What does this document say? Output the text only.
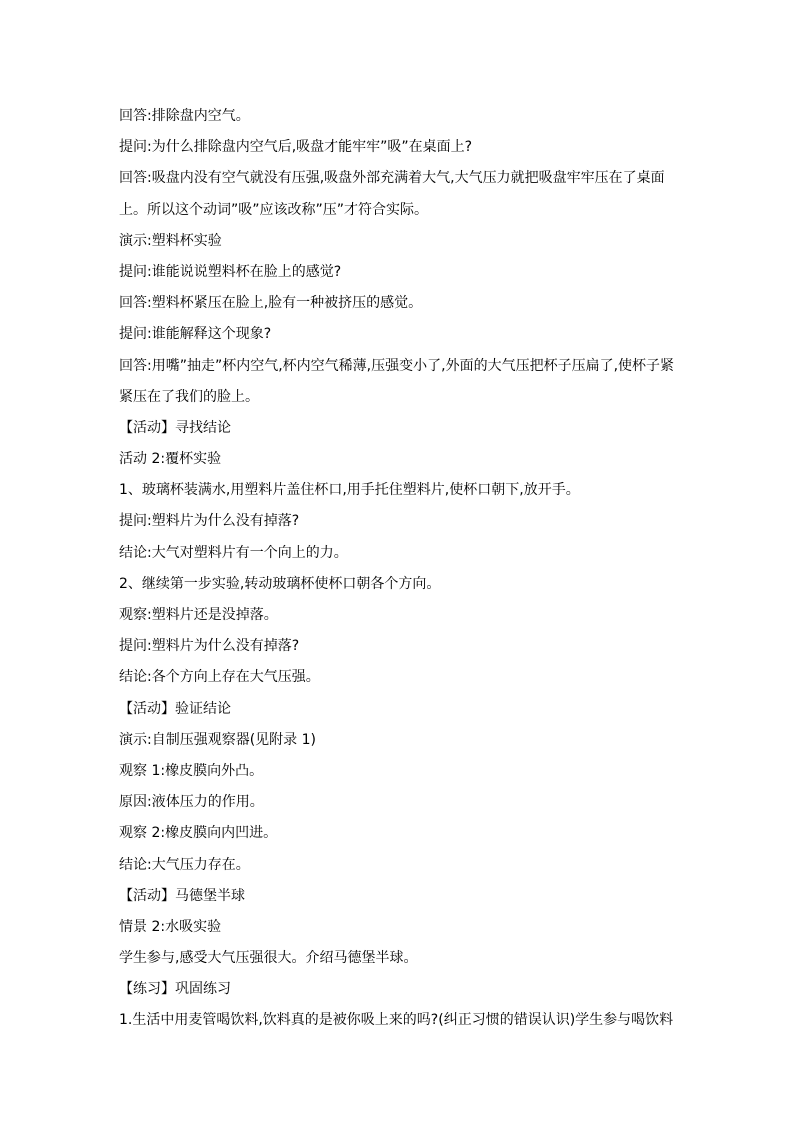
回答:排除盘内空气。
提问:为什么排除盘内空气后,吸盘才能牢牢”吸”在桌面上?
回答:吸盘内没有空气就没有压强,吸盘外部充满着大气,大气压力就把吸盘牢牢压在了桌面
上。所以这个动词”吸”应该改称”压”才符合实际。
演示:塑料杯实验
提问:谁能说说塑料杯在脸上的感觉?
回答:塑料杯紧压在脸上,脸有一种被挤压的感觉。
提问:谁能解释这个现象?
回答:用嘴”抽走”杯内空气,杯内空气稀薄,压强变小了,外面的大气压把杯子压扁了,使杯子紧
紧压在了我们的脸上。
【活动】寻找结论
活动 2:覆杯实验
1、玻璃杯装满水,用塑料片盖住杯口,用手托住塑料片,使杯口朝下,放开手。
提问:塑料片为什么没有掉落?
结论:大气对塑料片有一个向上的力。
2、继续第一步实验,转动玻璃杯使杯口朝各个方向。
观察:塑料片还是没掉落。
提问:塑料片为什么没有掉落?
结论:各个方向上存在大气压强。
【活动】验证结论
演示:自制压强观察器(见附录 1)
观察 1:橡皮膜向外凸。
原因:液体压力的作用。
观察 2:橡皮膜向内凹进。
结论:大气压力存在。
【活动】马德堡半球
情景 2:水吸实验
学生参与,感受大气压强很大。介绍马德堡半球。
【练习】巩固练习
1.生活中用麦管喝饮料,饮料真的是被你吸上来的吗?(纠正习惯的错误认识)学生参与喝饮料
